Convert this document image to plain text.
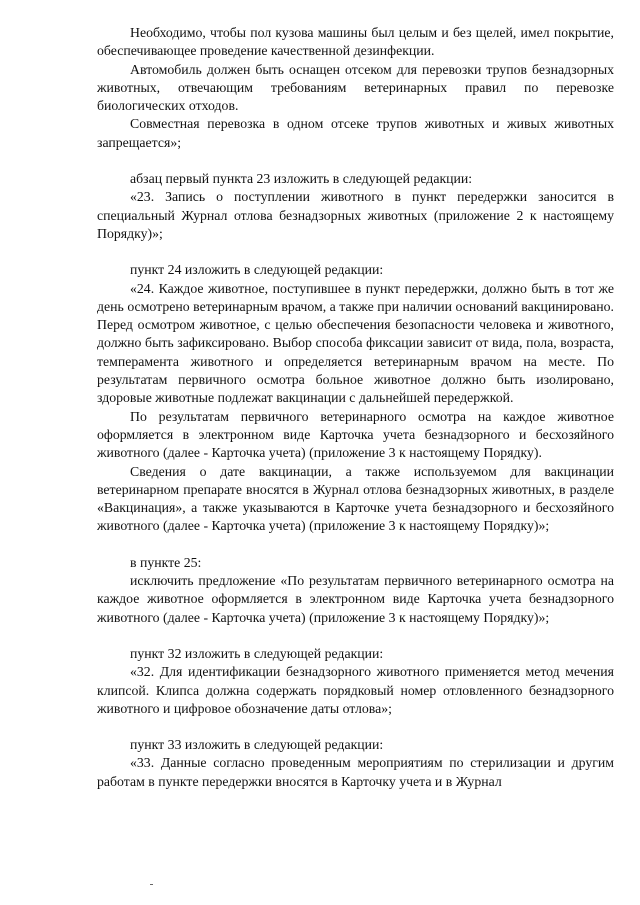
Необходимо, чтобы пол кузова машины был целым и без щелей, имел покрытие, обеспечивающее проведение качественной дезинфекции.

Автомобиль должен быть оснащен отсеком для перевозки трупов безнадзорных животных, отвечающим требованиям ветеринарных правил по перевозке биологических отходов.

Совместная перевозка в одном отсеке трупов животных и живых животных запрещается»;

абзац первый пункта 23 изложить в следующей редакции:

«23. Запись о поступлении животного в пункт передержки заносится в специальный Журнал отлова безнадзорных животных (приложение 2 к настоящему Порядку)»;

пункт 24 изложить в следующей редакции:

«24. Каждое животное, поступившее в пункт передержки, должно быть в тот же день осмотрено ветеринарным врачом, а также при наличии оснований вакцинировано. Перед осмотром животное, с целью обеспечения безопасности человека и животного, должно быть зафиксировано. Выбор способа фиксации зависит от вида, пола, возраста, темперамента животного и определяется ветеринарным врачом на месте. По результатам первичного осмотра больное животное должно быть изолировано, здоровые животные подлежат вакцинации с дальнейшей передержкой.

По результатам первичного ветеринарного осмотра на каждое животное оформляется в электронном виде Карточка учета безнадзорного и бесхозяйного животного (далее - Карточка учета) (приложение 3 к настоящему Порядку).

Сведения о дате вакцинации, а также используемом для вакцинации ветеринарном препарате вносятся в Журнал отлова безнадзорных животных, в разделе «Вакцинация», а также указываются в Карточке учета безнадзорного и бесхозяйного животного (далее - Карточка учета) (приложение 3 к настоящему Порядку)»;

в пункте 25:

исключить предложение «По результатам первичного ветеринарного осмотра на каждое животное оформляется в электронном виде Карточка учета безнадзорного животного (далее - Карточка учета) (приложение 3 к настоящему Порядку)»;

пункт 32 изложить в следующей редакции:

«32. Для идентификации безнадзорного животного применяется метод мечения клипсой. Клипса должна содержать порядковый номер отловленного безнадзорного животного и цифровое обозначение даты отлова»;

пункт 33 изложить в следующей редакции:

«33. Данные согласно проведенным мероприятиям по стерилизации и другим работам в пункте передержки вносятся в Карточку учета и в Журнал
